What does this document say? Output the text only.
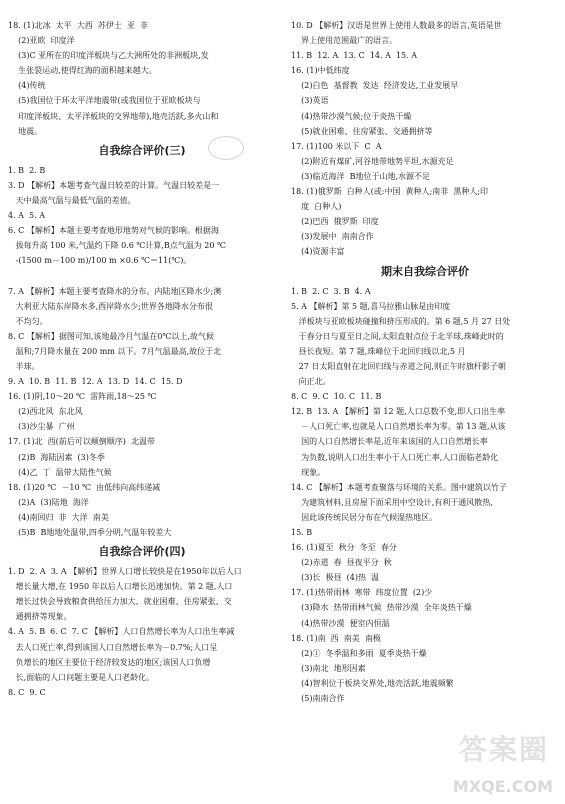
18. (1)北冰  太平  大西  苏伊士  亚  非
(2)亚欧  印度洋
(3)C 亚所在的印度洋板块与乙大洲所处的非洲板块,发
生张裂运动,使得红海的面积越来越大。
(4)传统
(5)我国位于环太平洋地震带(或我国位于亚欧板块与
印度洋板块、太平洋板块的交界地带),地壳活跃,多火山和
地震。
自我综合评价(三)
1. B  2. B
3. D 【解析】本题考查气温日较差的计算。气温日较差是一
天中最高气温与最低气温的差值。
4. A  5. A
6. C 【解析】本题主要考查地形地势对气候的影响。根据海
拔每升高 100 米,气温约下降 0.6 ℃计算,B点气温为 20 ℃
-(1500 m－100 m)/100 m ×0.6 ℃＝11(℃)。

7. A 【解析】本题主要考查降水的分布。内陆地区降水少;澳
大利亚大陆东岸降水多,西岸降水少;世界各地降水分布很
不均匀。
8. C 【解析】据图可知,该地最冷月气温在0℃以上,故气候
温和;7月降水量在 200 mm 以下。7月气温最高,故位于北
半球。
9. A  10. B  11. B  12. A  13. D  14. C  15. D
16. (1)阴,10～20 ℃  雷阵雨,18～25 ℃
(2)西北风  东北风
(3)沙尘暴  广州
17. (1)北  西(前后可以颠倒顺序)  北温带
(2)B  海陆因素  (3)冬季
(4)乙  丁  温带大陆性气候
18. (1)20 ℃  －10 ℃  由低纬向高纬递减
(2)A  (3)陆地  海洋
(4)南回归  非  大洋  南美
(5)B  B地地处温带,四季分明,气温年较差大
自我综合评价(四)
1. D  2. A  3. A 【解析】世界人口增长较快是在1950年以后人口
增长量大增,在 1950 年以后人口增长迅速加快。第 2 题,人口
增长过快会导致粮食供给压力加大、就业困难、住房紧张、交
通拥挤等现象。
4. A  5. B  6. C  7. C 【解析】人口自然增长率为人口出生率减
去人口死亡率,得到该国人口自然增长率为－0.7%;人口呈
负增长的地区主要位于经济较发达的地区;该国人口负增
长,面临的人口问题主要是人口老龄化。
8. C  9. C
10. D 【解析】汉语是世界上使用人数最多的语言,英语是世
界上使用范围最广的语言。
11. B  12. A  13. C  14. A  15. A
16. (1)中低纬度
(2)白色  基督教  发达  经济发达,工业发展早
(3)英语
(4)热带沙漠气候;位于炎热干燥
(5)就业困难、住房紧张、交通拥挤等
17. (1)100 米以下  C  A
(2)附近有煤矿,河谷地带地势平坦,水源充足
(3)临近海洋  B地位于山地,水源不足
18. (1)俄罗斯  白种人(或:中国  黄种人;南非  黑种人;印
度  白种人)
(2)巴西  俄罗斯  印度
(3)发展中  南南合作
(4)资源丰富
期末自我综合评价
1. B  2. C  3. B  4. A
5. A 【解析】第 5 题,喜马拉雅山脉是由印度
洋板块与亚欧板块碰撞和挤压形成的。第 6 题,5 月 27 日处
于春分日与夏至日之间,太阳直射点位于北半球,珠峰此时的
昼长夜短。第 7 题,珠峰位于北回归线以北,5 月
27 日太阳直射在北回归线与赤道之间,则正午时旗杆影子朝
向正北。
8. C  9. C  10. C  11. B
12. B  13. A 【解析】第 12 题,人口总数不变,即人口出生率
－人口死亡率,也就是人口自然增长率为零。第 13 题,从该
国的人口自然增长率是,近年来该国的人口自然增长率
为负数,说明人口出生率小于人口死亡率,人口面临老龄化
现象。
14. C 【解析】本题考查聚落与环境的关系。图中建筑以竹子
为建筑材料,且房屋下面采用中空设计,有利于通风散热,
因此该传统民居分布在气候湿热地区。
15. B
16. (1)夏至  秋分  冬至  春分
(2)赤道  春  昼夜平分  秋
(3)长  极昼  (4)热  温
17. (1)热带雨林  寒带  纬度位置  (2)少
(3)降水  热带雨林气候  热带沙漠  全年炎热干燥
(4)热带沙漠  便室内恒温
18. (1)南  西  南美  南极
(2)①  冬季温和多雨  夏季炎热干燥
(3)南北  地形因素
(4)智利位于板块交界处,地壳活跃,地震频繁
(5)南南合作
答案圈
MXQE.COM
